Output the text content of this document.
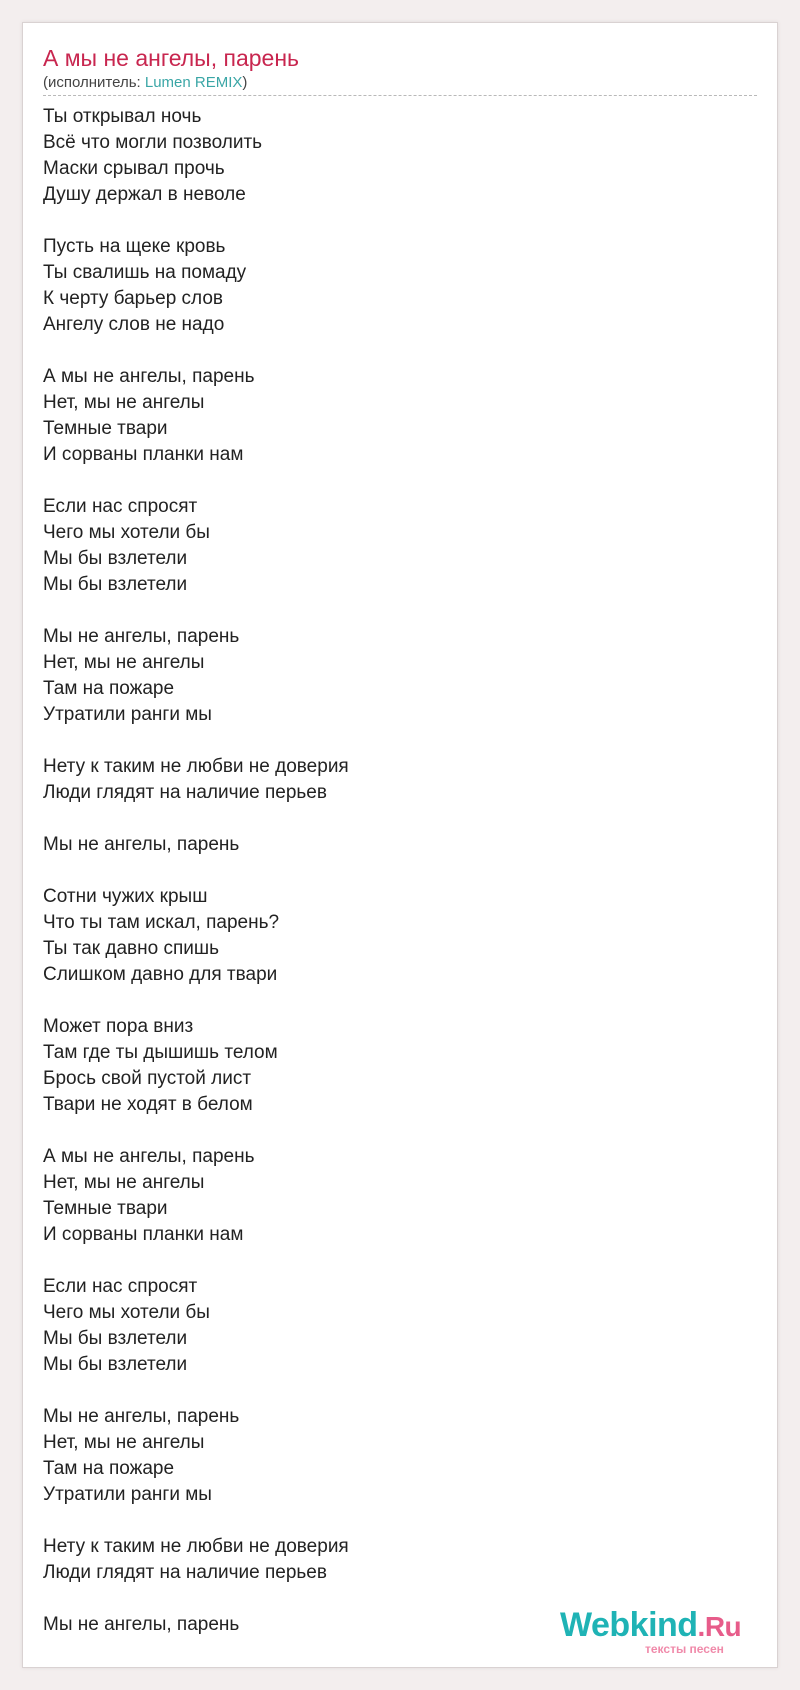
А мы не ангелы, парень
(исполнитель: Lumen REMIX)
Ты открывал ночь
Всё что могли позволить
Маски срывал прочь
Душу держал в неволе
Пусть на щеке кровь
Ты свалишь на помаду
К черту барьер слов
Ангелу слов не надо
А мы не ангелы, парень
Нет, мы не ангелы
Темные твари
И сорваны планки нам
Если нас спросят
Чего мы хотели бы
Мы бы взлетели
Мы бы взлетели
Мы не ангелы, парень
Нет, мы не ангелы
Там на пожаре
Утратили ранги мы
Нету к таким не любви не доверия
Люди глядят на наличие перьев
Мы не ангелы, парень
Сотни чужих крыш
Что ты там искал, парень?
Ты так давно спишь
Слишком давно для твари
Может пора вниз
Там где ты дышишь телом
Брось свой пустой лист
Твари не ходят в белом
А мы не ангелы, парень
Нет, мы не ангелы
Темные твари
И сорваны планки нам
Если нас спросят
Чего мы хотели бы
Мы бы взлетели
Мы бы взлетели
Мы не ангелы, парень
Нет, мы не ангелы
Там на пожаре
Утратили ранги мы
Нету к таким не любви не доверия
Люди глядят на наличие перьев
Мы не ангелы, парень	Webkind.Ru
тексты песен
